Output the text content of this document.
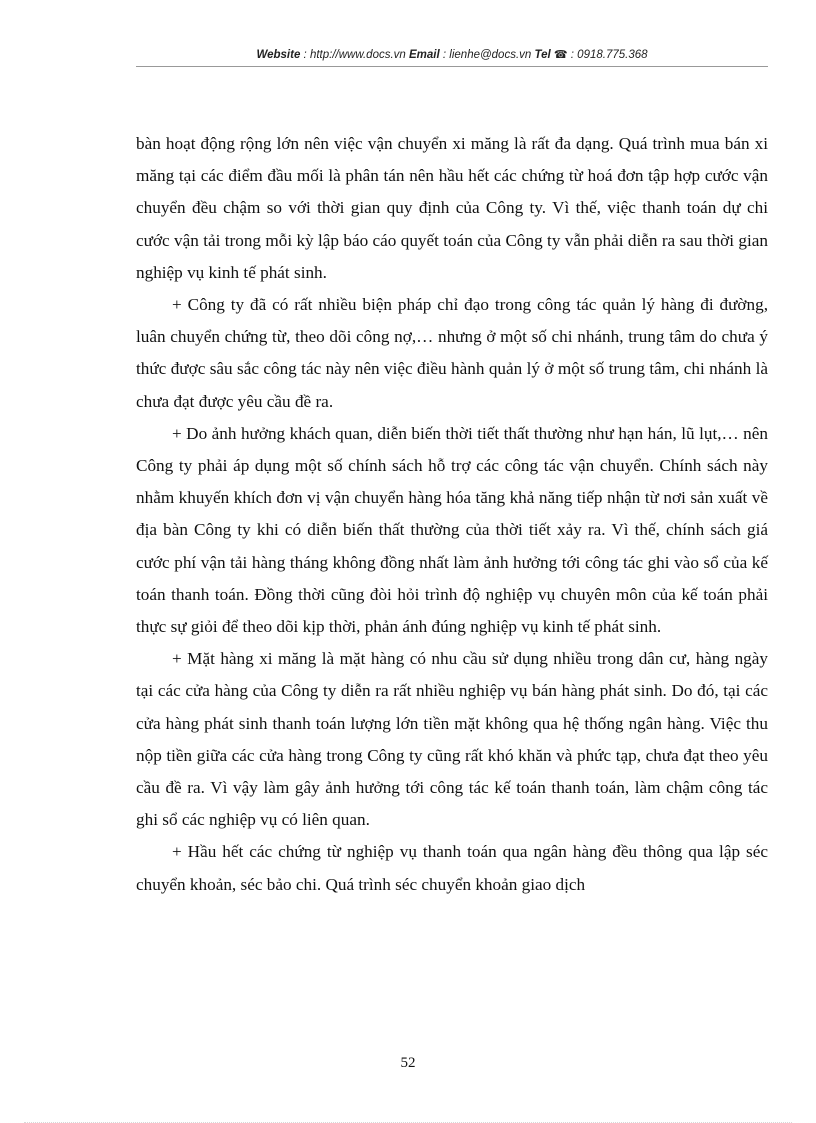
Website : http://www.docs.vn Email : lienhe@docs.vn Tel ☎ : 0918.775.368

bàn hoạt động rộng lớn nên việc vận chuyển xi măng là rất đa dạng. Quá trình mua bán xi măng tại các điểm đầu mối là phân tán nên hầu hết các chứng từ hoá đơn tập hợp cước vận chuyển đều chậm so với thời gian quy định của Công ty. Vì thế, việc thanh toán dự chi cước vận tải trong mỗi kỳ lập báo cáo quyết toán của Công ty vẫn phải diễn ra sau thời gian nghiệp vụ kinh tế phát sinh.

+ Công ty đã có rất nhiều biện pháp chỉ đạo trong công tác quản lý hàng đi đường, luân chuyển chứng từ, theo dõi công nợ,… nhưng ở một số chi nhánh, trung tâm do chưa ý thức được sâu sắc công tác này nên việc điều hành quản lý ở một số trung tâm, chi nhánh là chưa đạt được yêu cầu đề ra.

+ Do ảnh hưởng khách quan, diễn biến thời tiết thất thường như hạn hán, lũ lụt,… nên Công ty phải áp dụng một số chính sách hỗ trợ các công tác vận chuyển. Chính sách này nhằm khuyến khích đơn vị vận chuyển hàng hóa tăng khả năng tiếp nhận từ nơi sản xuất về địa bàn Công ty khi có diễn biến thất thường của thời tiết xảy ra. Vì thế, chính sách giá cước phí vận tải hàng tháng không đồng nhất làm ảnh hưởng tới công tác ghi vào sổ của kế toán thanh toán. Đồng thời cũng đòi hỏi trình độ nghiệp vụ chuyên môn của kế toán phải thực sự giỏi để theo dõi kịp thời, phản ánh đúng nghiệp vụ kinh tế phát sinh.

+ Mặt hàng xi măng là mặt hàng có nhu cầu sử dụng nhiều trong dân cư, hàng ngày tại các cửa hàng của Công ty diễn ra rất nhiều nghiệp vụ bán hàng phát sinh. Do đó, tại các cửa hàng phát sinh thanh toán lượng lớn tiền mặt không qua hệ thống ngân hàng. Việc thu nộp tiền giữa các cửa hàng trong Công ty cũng rất khó khăn và phức tạp, chưa đạt theo yêu cầu đề ra. Vì vậy làm gây ảnh hưởng tới công tác kế toán thanh toán, làm chậm công tác ghi sổ các nghiệp vụ có liên quan.

+ Hầu hết các chứng từ nghiệp vụ thanh toán qua ngân hàng đều thông qua lập séc chuyển khoản, séc bảo chi. Quá trình séc chuyển khoản giao dịch

52
